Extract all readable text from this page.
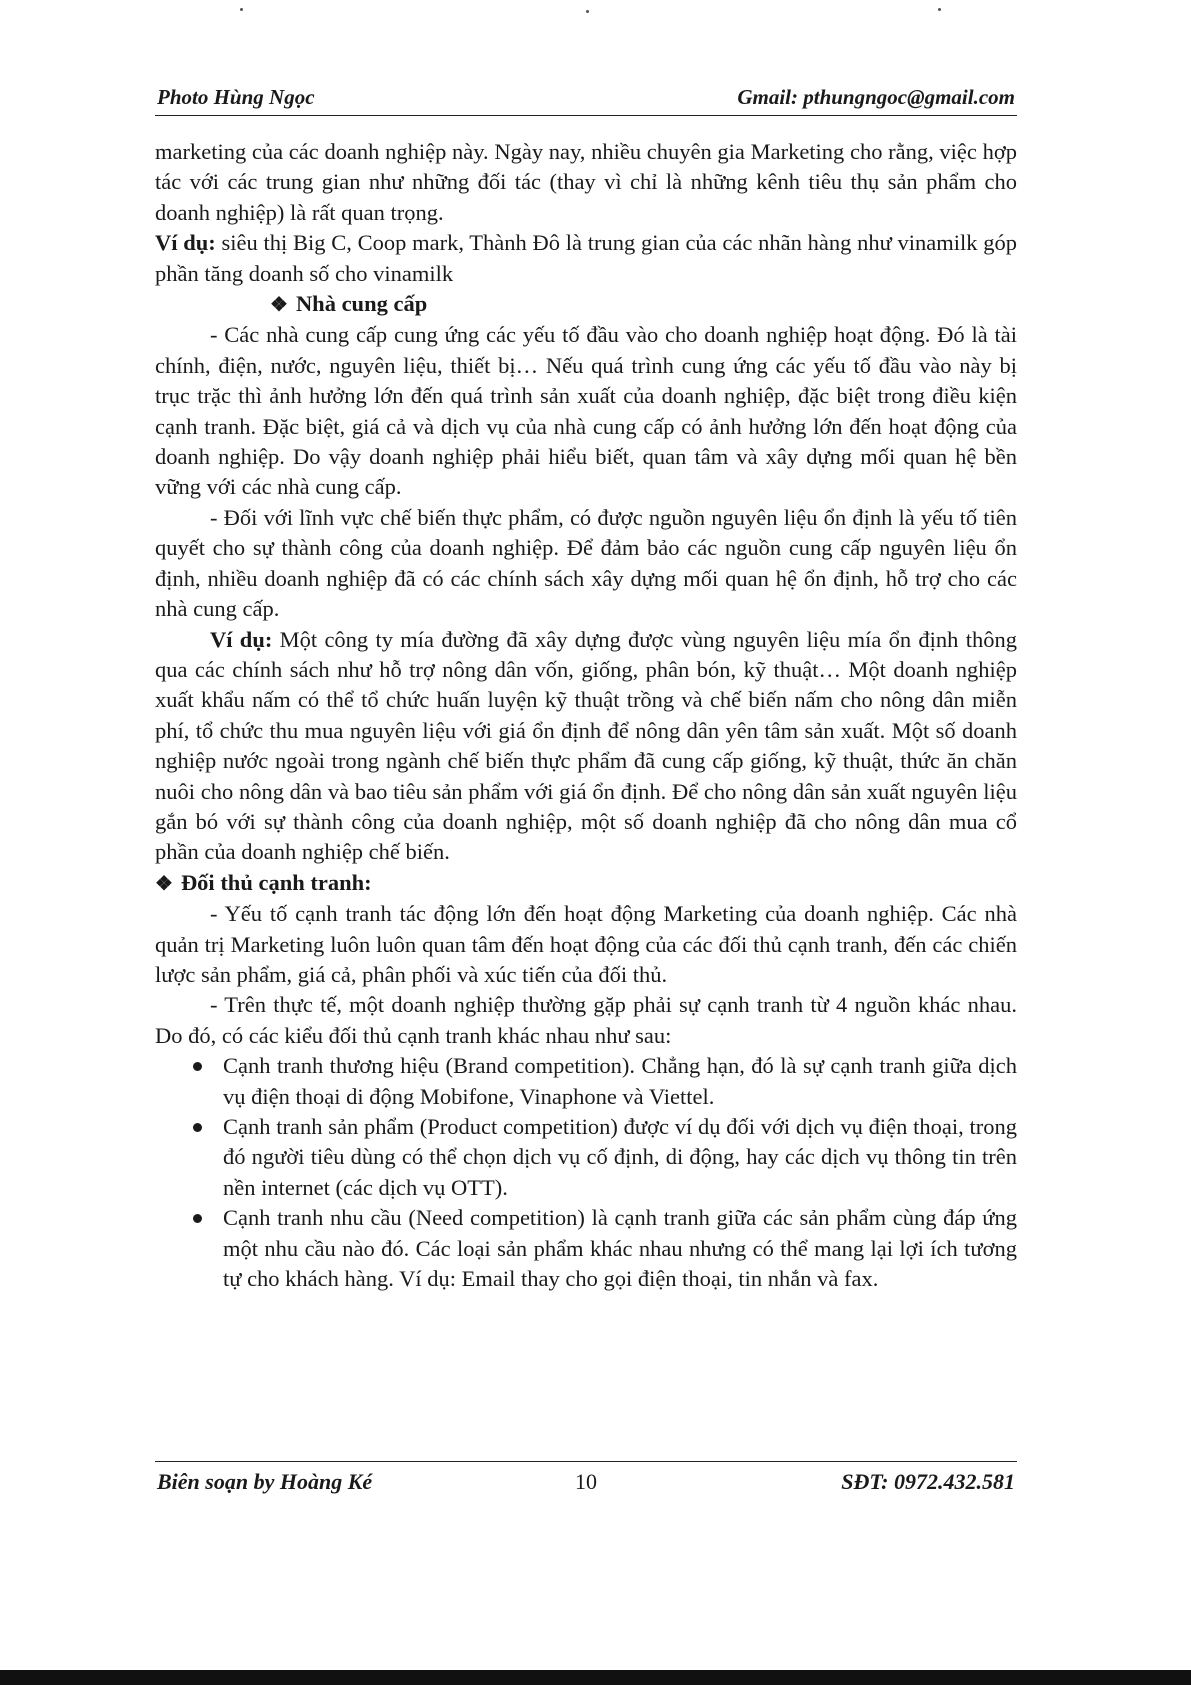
Photo Hùng Ngọc	Gmail: pthungngoc@gmail.com

marketing của các doanh nghiệp này. Ngày nay, nhiều chuyên gia Marketing cho rằng, việc hợp tác với các trung gian như những đối tác (thay vì chỉ là những kênh tiêu thụ sản phẩm cho doanh nghiệp) là rất quan trọng.

Ví dụ: siêu thị Big C, Coop mark, Thành Đô là trung gian của các nhãn hàng như vinamilk góp phần tăng doanh số cho vinamilk

❖ Nhà cung cấp

- Các nhà cung cấp cung ứng các yếu tố đầu vào cho doanh nghiệp hoạt động. Đó là tài chính, điện, nước, nguyên liệu, thiết bị… Nếu quá trình cung ứng các yếu tố đầu vào này bị trục trặc thì ảnh hưởng lớn đến quá trình sản xuất của doanh nghiệp, đặc biệt trong điều kiện cạnh tranh. Đặc biệt, giá cả và dịch vụ của nhà cung cấp có ảnh hưởng lớn đến hoạt động của doanh nghiệp. Do vậy doanh nghiệp phải hiểu biết, quan tâm và xây dựng mối quan hệ bền vững với các nhà cung cấp.

- Đối với lĩnh vực chế biến thực phẩm, có được nguồn nguyên liệu ổn định là yếu tố tiên quyết cho sự thành công của doanh nghiệp. Để đảm bảo các nguồn cung cấp nguyên liệu ổn định, nhiều doanh nghiệp đã có các chính sách xây dựng mối quan hệ ổn định, hỗ trợ cho các nhà cung cấp.

Ví dụ: Một công ty mía đường đã xây dựng được vùng nguyên liệu mía ổn định thông qua các chính sách như hỗ trợ nông dân vốn, giống, phân bón, kỹ thuật… Một doanh nghiệp xuất khẩu nấm có thể tổ chức huấn luyện kỹ thuật trồng và chế biến nấm cho nông dân miễn phí, tổ chức thu mua nguyên liệu với giá ổn định để nông dân yên tâm sản xuất. Một số doanh nghiệp nước ngoài trong ngành chế biến thực phẩm đã cung cấp giống, kỹ thuật, thức ăn chăn nuôi cho nông dân và bao tiêu sản phẩm với giá ổn định. Để cho nông dân sản xuất nguyên liệu gắn bó với sự thành công của doanh nghiệp, một số doanh nghiệp đã cho nông dân mua cổ phần của doanh nghiệp chế biến.

❖ Đối thủ cạnh tranh:

- Yếu tố cạnh tranh tác động lớn đến hoạt động Marketing của doanh nghiệp. Các nhà quản trị Marketing luôn luôn quan tâm đến hoạt động của các đối thủ cạnh tranh, đến các chiến lược sản phẩm, giá cả, phân phối và xúc tiến của đối thủ.

- Trên thực tế, một doanh nghiệp thường gặp phải sự cạnh tranh từ 4 nguồn khác nhau. Do đó, có các kiểu đối thủ cạnh tranh khác nhau như sau:

Cạnh tranh thương hiệu (Brand competition). Chẳng hạn, đó là sự cạnh tranh giữa dịch vụ điện thoại di động Mobifone, Vinaphone và Viettel.
Cạnh tranh sản phẩm (Product competition) được ví dụ đối với dịch vụ điện thoại, trong đó người tiêu dùng có thể chọn dịch vụ cố định, di động, hay các dịch vụ thông tin trên nền internet (các dịch vụ OTT).
Cạnh tranh nhu cầu (Need competition) là cạnh tranh giữa các sản phẩm cùng đáp ứng một nhu cầu nào đó. Các loại sản phẩm khác nhau nhưng có thể mang lại lợi ích tương tự cho khách hàng. Ví dụ: Email thay cho gọi điện thoại, tin nhắn và fax.
Biên soạn by Hoàng Ké	10	SĐT: 0972.432.581
